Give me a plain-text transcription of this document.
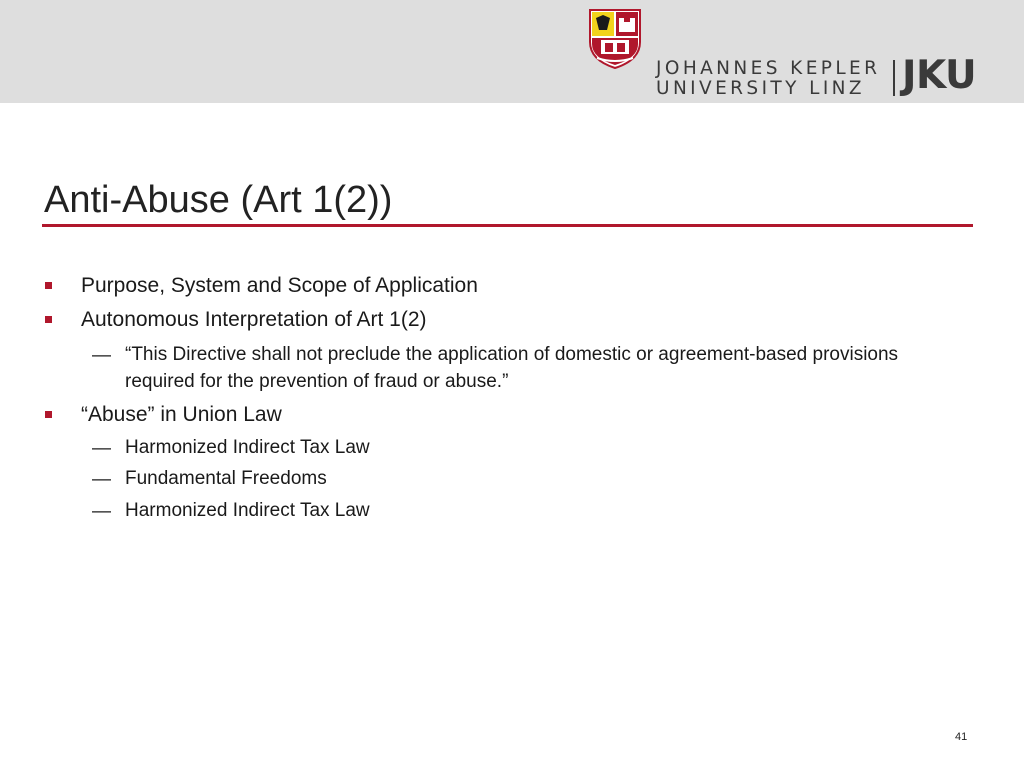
JOHANNES KEPLER
UNIVERSITY LINZ JKU
Anti-Abuse (Art 1(2))
Purpose, System and Scope of Application
Autonomous Interpretation of Art 1(2)
— “This Directive shall not preclude the application of domestic or agreement-based provisions required for the prevention of fraud or abuse.”
“Abuse” in Union Law
— Harmonized Indirect Tax Law
— Fundamental Freedoms
— Harmonized Indirect Tax Law
41
